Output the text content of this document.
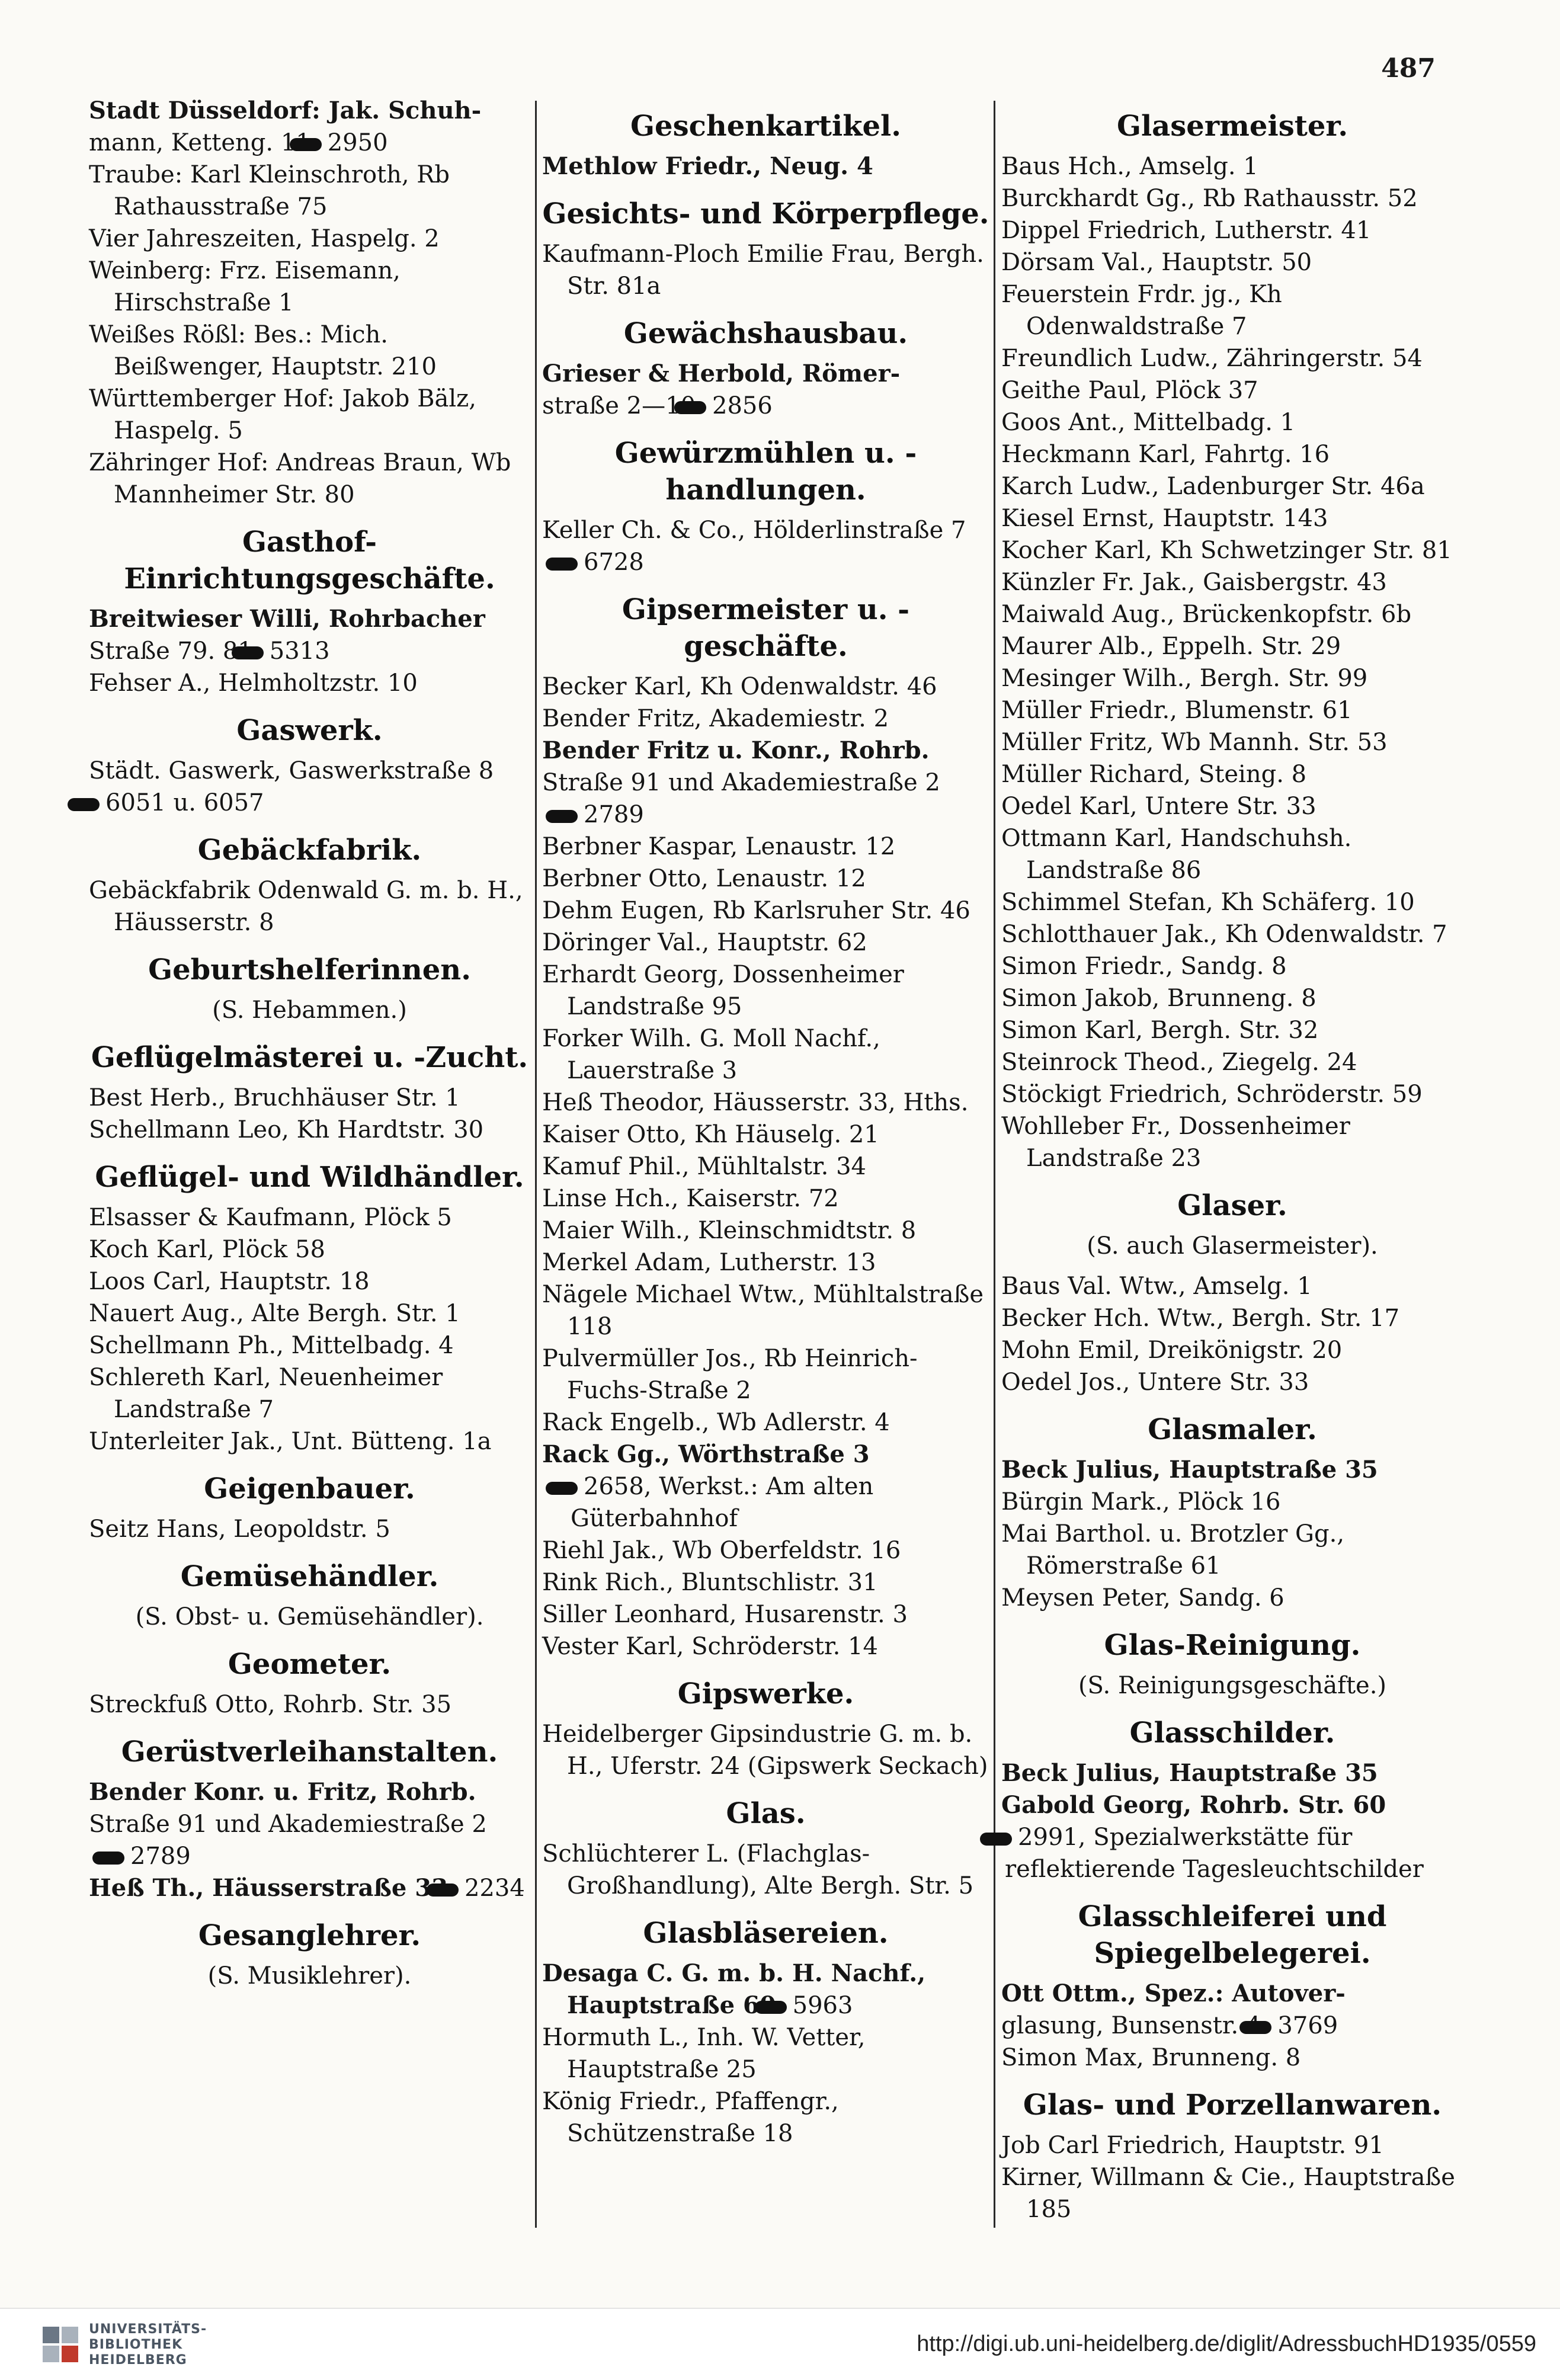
487
Stadt Düsseldorf: Jak. Schuh-
mann, Ketteng. 11 2950
Traube: Karl Kleinschroth, Rb Rathausstraße 75
Vier Jahreszeiten, Haspelg. 2
Weinberg: Frz. Eisemann, Hirschstraße 1
Weißes Rößl: Bes.: Mich. Beißwenger, Hauptstr. 210
Württemberger Hof: Jakob Bälz, Haspelg. 5
Zähringer Hof: Andreas Braun, Wb Mannheimer Str. 80
Gasthof-Einrichtungsgeschäfte.
Breitwieser Willi, Rohrbacher
Straße 79. 81 5313
Fehser A., Helmholtzstr. 10
Gaswerk.
Städt. Gaswerk, Gaswerkstraße 8
6051 u. 6057
Gebäckfabrik.
Gebäckfabrik Odenwald G. m. b. H., Häusserstr. 8
Geburtshelferinnen.
(S. Hebammen.)
Geflügelmästerei u. -Zucht.
Best Herb., Bruchhäuser Str. 1
Schellmann Leo, Kh Hardtstr. 30
Geflügel- und Wildhändler.
Elsasser & Kaufmann, Plöck 5
Koch Karl, Plöck 58
Loos Carl, Hauptstr. 18
Nauert Aug., Alte Bergh. Str. 1
Schellmann Ph., Mittelbadg. 4
Schlereth Karl, Neuenheimer Landstraße 7
Unterleiter Jak., Unt. Bütteng. 1a
Geigenbauer.
Seitz Hans, Leopoldstr. 5
Gemüsehändler.
(S. Obst- u. Gemüsehändler).
Geometer.
Streckfuß Otto, Rohrb. Str. 35
Gerüstverleihanstalten.
Bender Konr. u. Fritz, Rohrb.
Straße 91 und Akademiestraße 22789
Heß Th., Häusserstraße 33 2234
Gesanglehrer.
(S. Musiklehrer).
Geschenkartikel.
Methlow Friedr., Neug. 4
Gesichts- und Körperpflege.
Kaufmann-Ploch Emilie Frau, Bergh. Str. 81a
Gewächshausbau.
Grieser & Herbold, Römer-
straße 2—10 2856
Gewürzmühlen u. -handlungen.
Keller Ch. & Co., Hölderlinstraße 76728
Gipsermeister u. -geschäfte.
Becker Karl, Kh Odenwaldstr. 46
Bender Fritz, Akademiestr. 2
Bender Fritz u. Konr., Rohrb.
Straße 91 und Akademiestraße 22789
Berbner Kaspar, Lenaustr. 12
Berbner Otto, Lenaustr. 12
Dehm Eugen, Rb Karlsruher Str. 46
Döringer Val., Hauptstr. 62
Erhardt Georg, Dossenheimer Landstraße 95
Forker Wilh. G. Moll Nachf., Lauerstraße 3
Heß Theodor, Häusserstr. 33, Hths.
Kaiser Otto, Kh Häuselg. 21
Kamuf Phil., Mühltalstr. 34
Linse Hch., Kaiserstr. 72
Maier Wilh., Kleinschmidtstr. 8
Merkel Adam, Lutherstr. 13
Nägele Michael Wtw., Mühltalstraße 118
Pulvermüller Jos., Rb Heinrich-Fuchs-Straße 2
Rack Engelb., Wb Adlerstr. 4
Rack Gg., Wörthstraße 32658, Werkst.: Am alten Güterbahnhof
Riehl Jak., Wb Oberfeldstr. 16
Rink Rich., Bluntschlistr. 31
Siller Leonhard, Husarenstr. 3
Vester Karl, Schröderstr. 14
Gipswerke.
Heidelberger Gipsindustrie G. m. b. H., Uferstr. 24 (Gipswerk Seckach)
Glas.
Schlüchterer L. (Flachglas-Großhandlung), Alte Bergh. Str. 5
Glasbläsereien.
Desaga C. G. m. b. H. Nachf., Hauptstraße 60 5963
Hormuth L., Inh. W. Vetter, Hauptstraße 25
König Friedr., Pfaffengr., Schützenstraße 18
Glasermeister.
Baus Hch., Amselg. 1
Burckhardt Gg., Rb Rathausstr. 52
Dippel Friedrich, Lutherstr. 41
Dörsam Val., Hauptstr. 50
Feuerstein Frdr. jg., Kh Odenwaldstraße 7
Freundlich Ludw., Zähringerstr. 54
Geithe Paul, Plöck 37
Goos Ant., Mittelbadg. 1
Heckmann Karl, Fahrtg. 16
Karch Ludw., Ladenburger Str. 46a
Kiesel Ernst, Hauptstr. 143
Kocher Karl, Kh Schwetzinger Str. 81
Künzler Fr. Jak., Gaisbergstr. 43
Maiwald Aug., Brückenkopfstr. 6b
Maurer Alb., Eppelh. Str. 29
Mesinger Wilh., Bergh. Str. 99
Müller Friedr., Blumenstr. 61
Müller Fritz, Wb Mannh. Str. 53
Müller Richard, Steing. 8
Oedel Karl, Untere Str. 33
Ottmann Karl, Handschuhsh. Landstraße 86
Schimmel Stefan, Kh Schäferg. 10
Schlotthauer Jak., Kh Odenwaldstr. 7
Simon Friedr., Sandg. 8
Simon Jakob, Brunneng. 8
Simon Karl, Bergh. Str. 32
Steinrock Theod., Ziegelg. 24
Stöckigt Friedrich, Schröderstr. 59
Wohlleber Fr., Dossenheimer Landstraße 23
Glaser.
(S. auch Glasermeister).
Baus Val. Wtw., Amselg. 1
Becker Hch. Wtw., Bergh. Str. 17
Mohn Emil, Dreikönigstr. 20
Oedel Jos., Untere Str. 33
Glasmaler.
Beck Julius, Hauptstraße 35
Bürgin Mark., Plöck 16
Mai Barthol. u. Brotzler Gg., Römerstraße 61
Meysen Peter, Sandg. 6
Glas-Reinigung.
(S. Reinigungsgeschäfte.)
Glasschilder.
Beck Julius, Hauptstraße 35
Gabold Georg, Rohrb. Str. 60
2991, Spezialwerkstätte für reflektierende Tagesleuchtschilder
Glasschleiferei und Spiegelbelegerei.
Ott Ottm., Spez.: Autover-
glasung, Bunsenstr. 4 3769
Simon Max, Brunneng. 8
Glas- und Porzellanwaren.
Job Carl Friedrich, Hauptstr. 91
Kirner, Willmann & Cie., Hauptstraße 185
UNIVERSITÄTS-
BIBLIOTHEK
HEIDELBERG
http://digi.ub.uni-heidelberg.de/diglit/AdressbuchHD1935/0559
